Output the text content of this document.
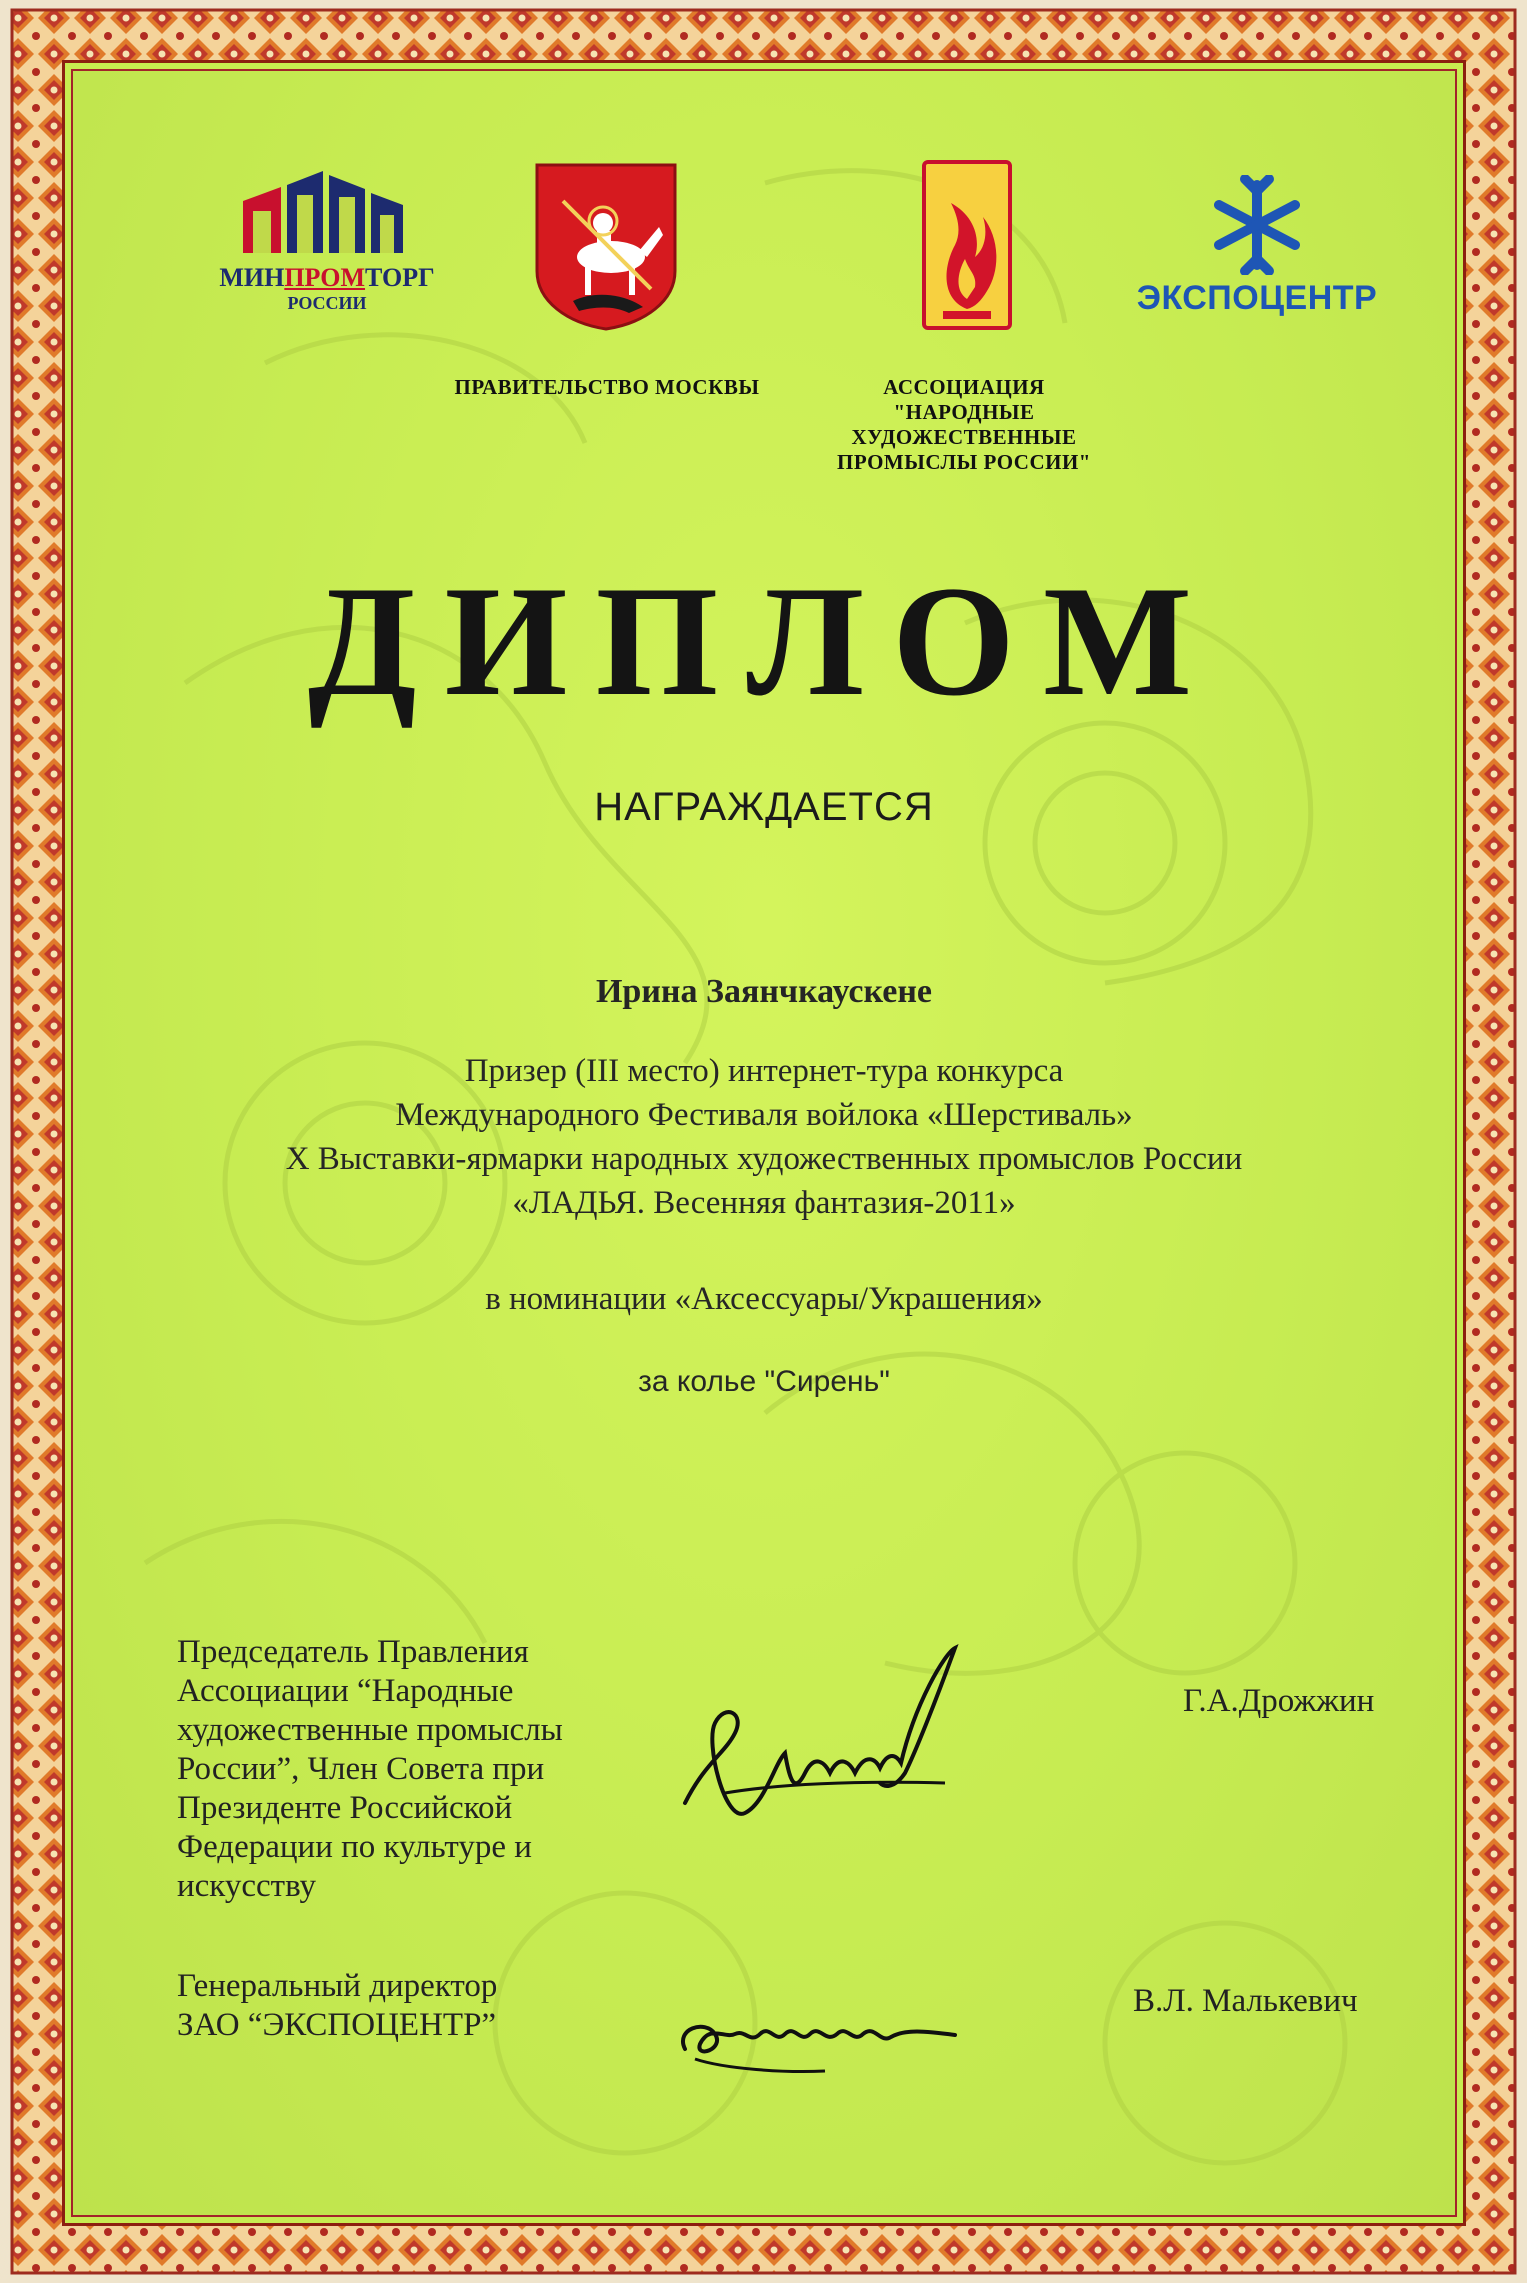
МИНПРОМТОРГ
РОССИИ	ЭКСПОЦЕНТР
ПРАВИТЕЛЬСТВО МОСКВЫ	АССОЦИАЦИЯ
"НАРОДНЫЕ
ХУДОЖЕСТВЕННЫЕ
ПРОМЫСЛЫ РОССИИ"
ДИПЛОМ
НАГРАЖДАЕТСЯ
Ирина Заянчкаускене
Призер (III место) интернет-тура конкурса
Международного Фестиваля войлока «Шерстиваль»
Х Выставки-ярмарки народных художественных промыслов России
«ЛАДЬЯ. Весенняя фантазия-2011»
в номинации «Аксессуары/Украшения»
за колье "Сирень"
Председатель Правления
Ассоциации “Народные
художественные промыслы
России”, Член Совета при
Президенте Российской
Федерации по культуре и
искусству
Г.А.Дрожжин
Генеральный директор
ЗАО “ЭКСПОЦЕНТР”
В.Л. Малькевич
